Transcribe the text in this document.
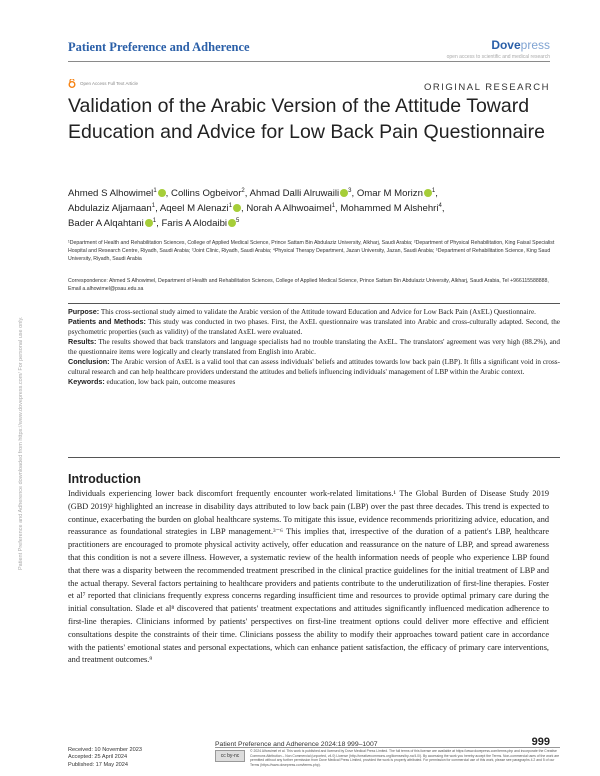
Patient Preference and Adherence	Dovepress
open access to scientific and medical research
Open Access Full Text Article	ORIGINAL RESEARCH
Validation of the Arabic Version of the Attitude Toward Education and Advice for Low Back Pain Questionnaire
Ahmed S Alhowimel$^1$ , Collins Ogbeivor$^2$, Ahmad Dalli Alruwaili $^3$, Omar M Morizn $^1$,
Abdulaziz Aljamaan$^1$, Aqeel M Alenazi$^1$ , Norah A Alhwoaimel$^1$, Mohammed M Alshehri$^4$,
Bader A Alqahtani $^1$, Faris A Alodaibi $^5$
¹Department of Health and Rehabilitation Sciences, College of Applied Medical Science, Prince Sattam Bin Abdulaziz University, Alkharj, Saudi Arabia; ²Department of Physical Rehabilitation, King Faisal Specialist Hospital and Research Centre, Riyadh, Saudi Arabia; ³Joint Clinic, Riyadh, Saudi Arabia; ⁴Physical Therapy Department, Jazan University, Jazan, Saudi Arabia; ⁵Department of Rehabilitation Science, King Saud University, Riyadh, Saudi Arabia
Correspondence: Ahmed S Alhowimel, Department of Health and Rehabilitation Sciences, College of Applied Medical Science, Prince Sattam Bin Abdulaziz University, Alkharj, Saudi Arabia, Tel +966115588888, Email a.alhowimel@psau.edu.sa

Purpose: This cross-sectional study aimed to validate the Arabic version of the Attitude toward Education and Advice for Low Back Pain (AxEL) Questionnaire.

Patients and Methods: This study was conducted in two phases. First, the AxEL questionnaire was translated into Arabic and cross-culturally adapted. Second, the psychometric properties (such as validity) of the translated AxEL were evaluated.

Results: The results showed that back translators and language specialists had no trouble translating the AxEL. The translators' agreement was very high (88.2%), and the questionnaire items were logically and clearly translated from English into Arabic.

Conclusion: The Arabic version of AxEL is a valid tool that can assess individuals' beliefs and attitudes towards low back pain (LBP). It fills a significant void in cross-cultural research and can help healthcare providers understand the attitudes and beliefs influencing individuals' management of LBP within the Arabic context.

Keywords: education, low back pain, outcome measures

Introduction

Individuals experiencing lower back discomfort frequently encounter work-related limitations.¹ The Global Burden of Disease Study 2019 (GBD 2019)² highlighted an increase in disability days attributed to low back pain (LBP) over the past three decades. This trend is expected to continue, exacerbating the burden on global healthcare systems. To mitigate this issue, evidence recommends prioritizing advice, education, and reassurance as foundational strategies in LBP management.³⁻⁶ This implies that, irrespective of the duration of a patient's LBP, healthcare practitioners are encouraged to promote physical activity actively, offer education and reassurance on the nature of LBP, and spread awareness that this condition is not a severe illness. However, a systematic review of the health information needs of people who experience LBP found that there was a disparity between the recommended treatment prescribed in the clinical practice guidelines for the initial treatment of LBP and the actual therapy. Several factors pertaining to healthcare providers and patients contribute to the underutilization of first-line therapies. Foster et al⁷ reported that clinicians frequently express concerns regarding insufficient time and resources to provide optimal primary care during the initial consultation. Slade et al⁸ discovered that patients' treatment expectations and attitudes significantly influenced medication adherence to first-line therapies. Clinicians informed by patients' perspectives on first-line treatment options could deliver more effective and efficient consultations despite the constraints of their time. Clinicians possess the ability to modify their approaches toward patient care in accordance with the patients' emotional states and personal expectations, which can enhance patient satisfaction, the efficacy of primary care interventions, and treatment outcomes.⁹

Patient Preference and Adherence downloaded from https://www.dovepress.com/ For personal use only.
Received: 10 November 2023
Accepted: 25 April 2024
Published: 17 May 2024
Patient Preference and Adherence 2024:18 999–1007	999
cc by-nc
© 2024 Alhowimel et al. This work is published and licensed by Dove Medical Press Limited. The full terms of this license are available at https://www.dovepress.com/terms.php and incorporate the Creative Commons Attribution – Non Commercial (unported, v4.0) License (http://creativecommons.org/licenses/by-nc/4.0/). By accessing the work you hereby accept the Terms. Non-commercial uses of the work are permitted without any further permission from Dove Medical Press Limited, provided the work is properly attributed. For permission for commercial use of this work, please see paragraphs 4.2 and 5 of our Terms (https://www.dovepress.com/terms.php).
